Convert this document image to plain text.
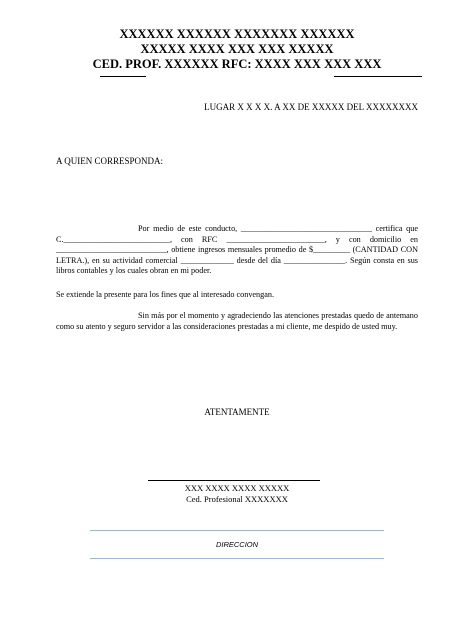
XXXXXX XXXXXX XXXXXXX XXXXXX
XXXXX XXXX XXX XXX XXXXX
CED. PROF. XXXXXX RFC: XXXX XXX XXX XXX
LUGAR X X X X. A XX DE XXXXX DEL XXXXXXXX
A QUIEN CORRESPONDA:
Por medio de este conducto, ________________________________ certifica que C.__________________________, con RFC ________________________, y con domicilio en ___________________________, obtiene ingresos mensuales promedio de $_________ (CANTIDAD CON LETRA.), en su actividad comercial _____________ desde del día _______________. Según consta en sus libros contables y los cuales obran en mi poder.
Se extiende la presente para los fines que al interesado convengan.
Sin más por el momento y agradeciendo las atenciones prestadas quedo de antemano como su atento y seguro servidor a las consideraciones prestadas a mi cliente, me despido de usted muy.
ATENTAMENTE
XXX XXXX XXXX XXXXX
Ced. Profesional XXXXXXX
DIRECCION
